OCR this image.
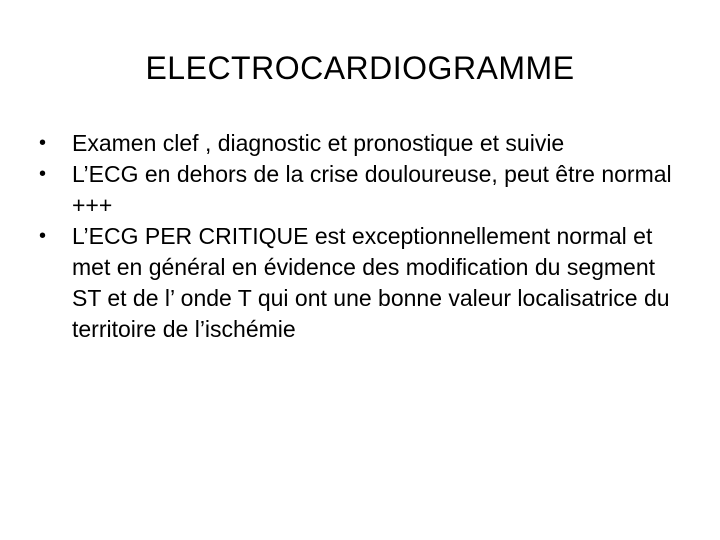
ELECTROCARDIOGRAMME
• Examen clef , diagnostic et pronostique et suivie
• L’ECG en dehors de la crise douloureuse, peut être normal +++
• L’ECG PER CRITIQUE est exceptionnellement normal et met en général en évidence des modification du segment ST et de l’ onde T qui ont une bonne valeur localisatrice du territoire de l’ischémie
